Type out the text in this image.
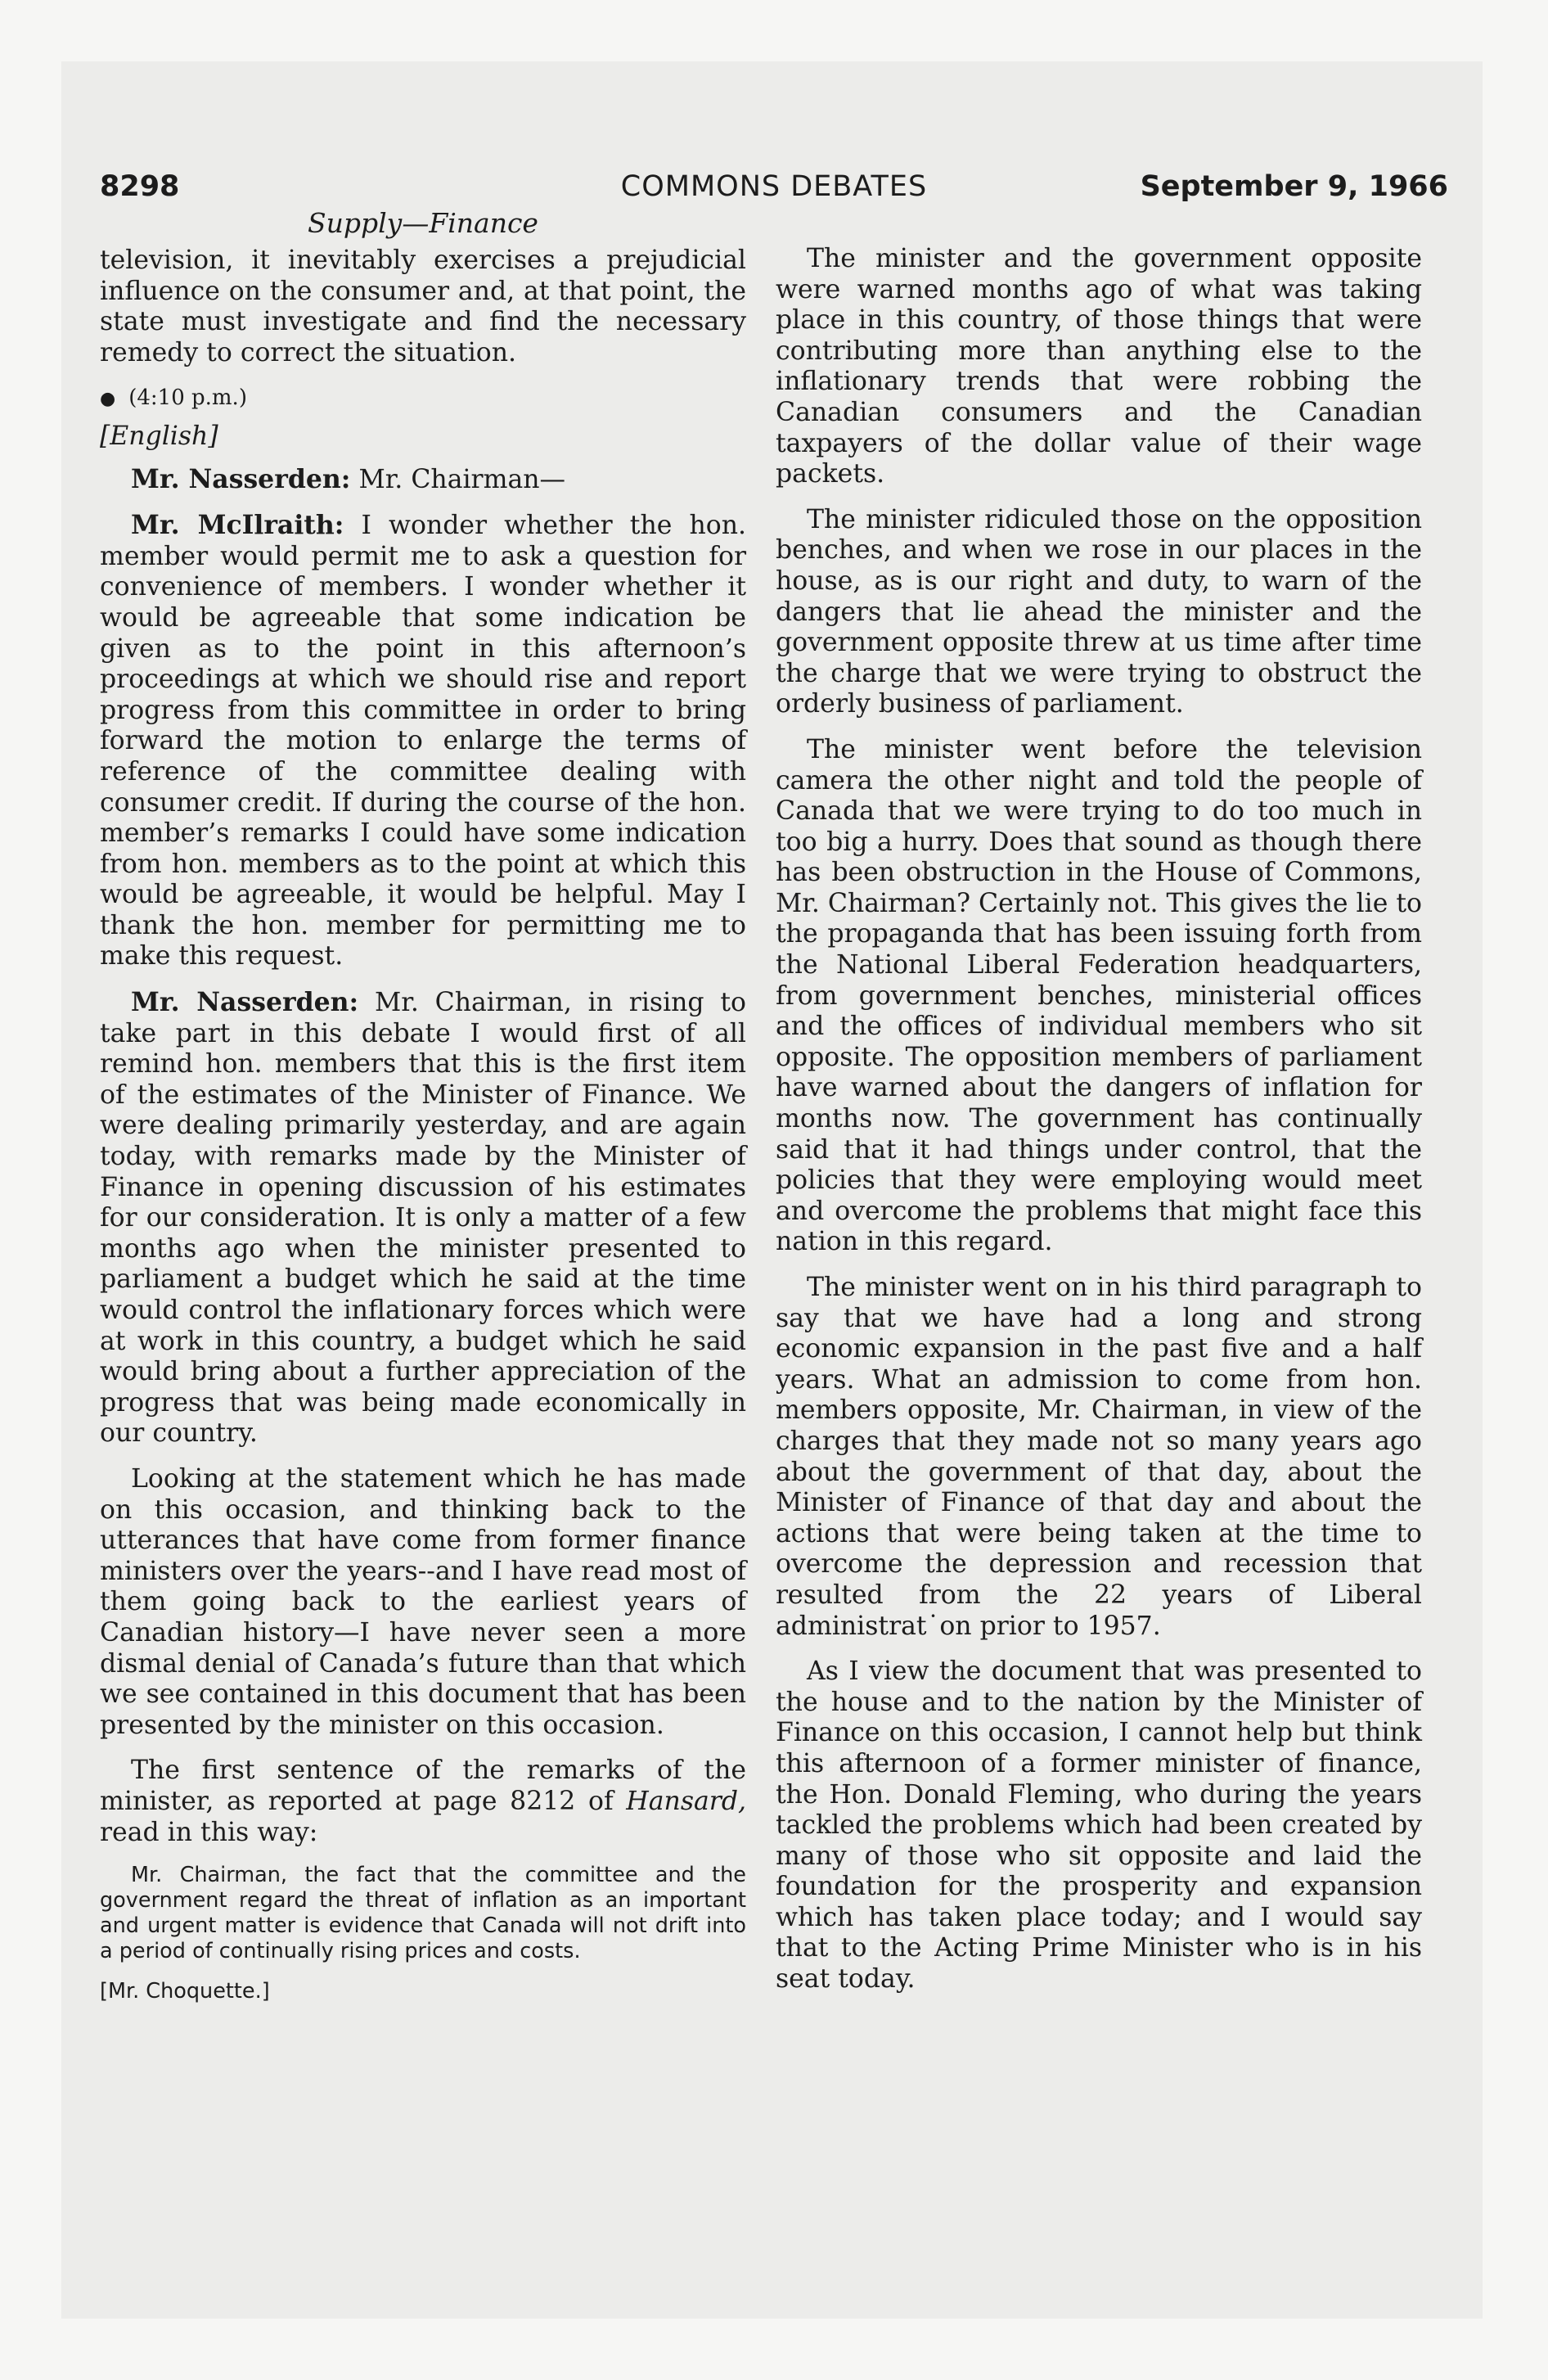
8298	COMMONS DEBATES	September 9, 1966
Supply—Finance

television, it inevitably exercises a prejudicial influence on the consumer and, at that point, the state must investigate and find the necessary remedy to correct the situation.

● (4:10 p.m.)
[English]

Mr. Nasserden: Mr. Chairman—

Mr. McIlraith: I wonder whether the hon. member would permit me to ask a question for convenience of members. I wonder whether it would be agreeable that some indication be given as to the point in this afternoon’s proceedings at which we should rise and report progress from this committee in order to bring forward the motion to enlarge the terms of reference of the committee dealing with consumer credit. If during the course of the hon. member’s remarks I could have some indication from hon. members as to the point at which this would be agreeable, it would be helpful. May I thank the hon. member for permitting me to make this request.

Mr. Nasserden: Mr. Chairman, in rising to take part in this debate I would first of all remind hon. members that this is the first item of the estimates of the Minister of Finance. We were dealing primarily yesterday, and are again today, with remarks made by the Minister of Finance in opening discussion of his estimates for our consideration. It is only a matter of a few months ago when the minister presented to parliament a budget which he said at the time would control the inflationary forces which were at work in this country, a budget which he said would bring about a further appreciation of the progress that was being made economically in our country.

Looking at the statement which he has made on this occasion, and thinking back to the utterances that have come from former finance ministers over the years--and I have read most of them going back to the earliest years of Canadian history—I have never seen a more dismal denial of Canada’s future than that which we see contained in this document that has been presented by the minister on this occasion.

The first sentence of the remarks of the minister, as reported at page 8212 of Hansard, read in this way:

Mr. Chairman, the fact that the committee and the government regard the threat of inflation as an important and urgent matter is evidence that Canada will not drift into a period of continually rising prices and costs.

[Mr. Choquette.]

The minister and the government opposite were warned months ago of what was taking place in this country, of those things that were contributing more than anything else to the inflationary trends that were robbing the Canadian consumers and the Canadian taxpayers of the dollar value of their wage packets.

The minister ridiculed those on the opposition benches, and when we rose in our places in the house, as is our right and duty, to warn of the dangers that lie ahead the minister and the government opposite threw at us time after time the charge that we were trying to obstruct the orderly business of parliament.

The minister went before the television camera the other night and told the people of Canada that we were trying to do too much in too big a hurry. Does that sound as though there has been obstruction in the House of Commons, Mr. Chairman? Certainly not. This gives the lie to the propaganda that has been issuing forth from the National Liberal Federation headquarters, from government benches, ministerial offices and the offices of individual members who sit opposite. The opposition members of parliament have warned about the dangers of inflation for months now. The government has continually said that it had things under control, that the policies that they were employing would meet and overcome the problems that might face this nation in this regard.

The minister went on in his third paragraph to say that we have had a long and strong economic expansion in the past five and a half years. What an admission to come from hon. members opposite, Mr. Chairman, in view of the charges that they made not so many years ago about the government of that day, about the Minister of Finance of that day and about the actions that were being taken at the time to overcome the depression and recession that resulted from the 22 years of Liberal administrat˙on prior to 1957.

As I view the document that was presented to the house and to the nation by the Minister of Finance on this occasion, I cannot help but think this afternoon of a former minister of finance, the Hon. Donald Fleming, who during the years tackled the problems which had been created by many of those who sit opposite and laid the foundation for the prosperity and expansion which has taken place today; and I would say that to the Acting Prime Minister who is in his seat today.
